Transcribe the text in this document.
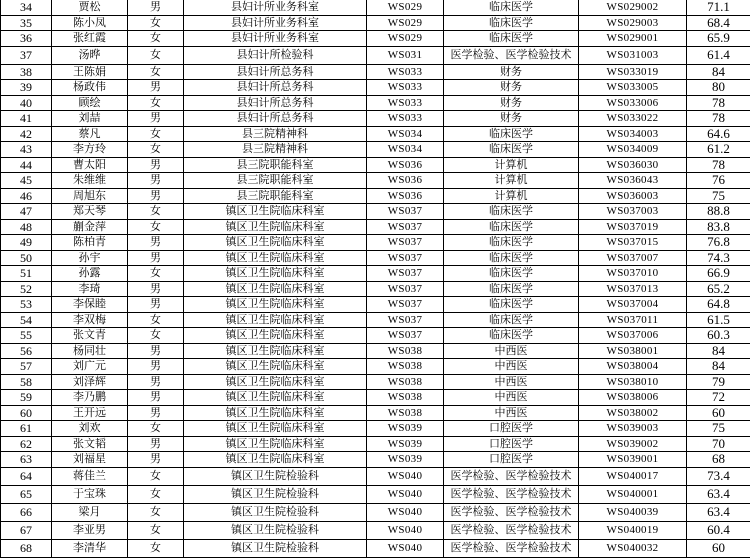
34	贾松	男	县妇计所业务科室	WS029	临床医学	WS029002	71.1
35	陈小凤	女	县妇计所业务科室	WS029	临床医学	WS029003	68.4
36	张红霞	女	县妇计所业务科室	WS029	临床医学	WS029001	65.9
37	汤晔	女	县妇计所检验科	WS031	医学检验、医学检验技术	WS031003	61.4
38	王陈娟	女	县妇计所总务科	WS033	财务	WS033019	84
39	杨政伟	男	县妇计所总务科	WS033	财务	WS033005	80
40	顾绘	女	县妇计所总务科	WS033	财务	WS033006	78
41	刘喆	男	县妇计所总务科	WS033	财务	WS033022	78
42	蔡凡	女	县三院精神科	WS034	临床医学	WS034003	64.6
43	李方玲	女	县三院精神科	WS034	临床医学	WS034009	61.2
44	曹太阳	男	县三院职能科室	WS036	计算机	WS036030	78
45	朱维维	男	县三院职能科室	WS036	计算机	WS036043	76
46	周旭东	男	县三院职能科室	WS036	计算机	WS036003	75
47	郑天琴	女	镇区卫生院临床科室	WS037	临床医学	WS037003	88.8
48	蒯金萍	女	镇区卫生院临床科室	WS037	临床医学	WS037019	83.8
49	陈柏青	男	镇区卫生院临床科室	WS037	临床医学	WS037015	76.8
50	孙宇	男	镇区卫生院临床科室	WS037	临床医学	WS037007	74.3
51	孙露	女	镇区卫生院临床科室	WS037	临床医学	WS037010	66.9
52	李琦	男	镇区卫生院临床科室	WS037	临床医学	WS037013	65.2
53	李保睦	男	镇区卫生院临床科室	WS037	临床医学	WS037004	64.8
54	李双梅	女	镇区卫生院临床科室	WS037	临床医学	WS037011	61.5
55	张文青	女	镇区卫生院临床科室	WS037	临床医学	WS037006	60.3
56	杨同壮	男	镇区卫生院临床科室	WS038	中西医	WS038001	84
57	刘广元	男	镇区卫生院临床科室	WS038	中西医	WS038004	84
58	刘泽辉	男	镇区卫生院临床科室	WS038	中西医	WS038010	79
59	李乃鹏	男	镇区卫生院临床科室	WS038	中西医	WS038006	72
60	王开远	男	镇区卫生院临床科室	WS038	中西医	WS038002	60
61	刘欢	女	镇区卫生院临床科室	WS039	口腔医学	WS039003	75
62	张文韬	男	镇区卫生院临床科室	WS039	口腔医学	WS039002	70
63	刘福星	男	镇区卫生院临床科室	WS039	口腔医学	WS039001	68
64	蒋佳兰	女	镇区卫生院检验科	WS040	医学检验、医学检验技术	WS040017	73.4
65	于宝珠	女	镇区卫生院检验科	WS040	医学检验、医学检验技术	WS040001	63.4
66	梁月	女	镇区卫生院检验科	WS040	医学检验、医学检验技术	WS040039	63.4
67	李亚男	女	镇区卫生院检验科	WS040	医学检验、医学检验技术	WS040019	60.4
68	李清华	女	镇区卫生院检验科	WS040	医学检验、医学检验技术	WS040032	60
